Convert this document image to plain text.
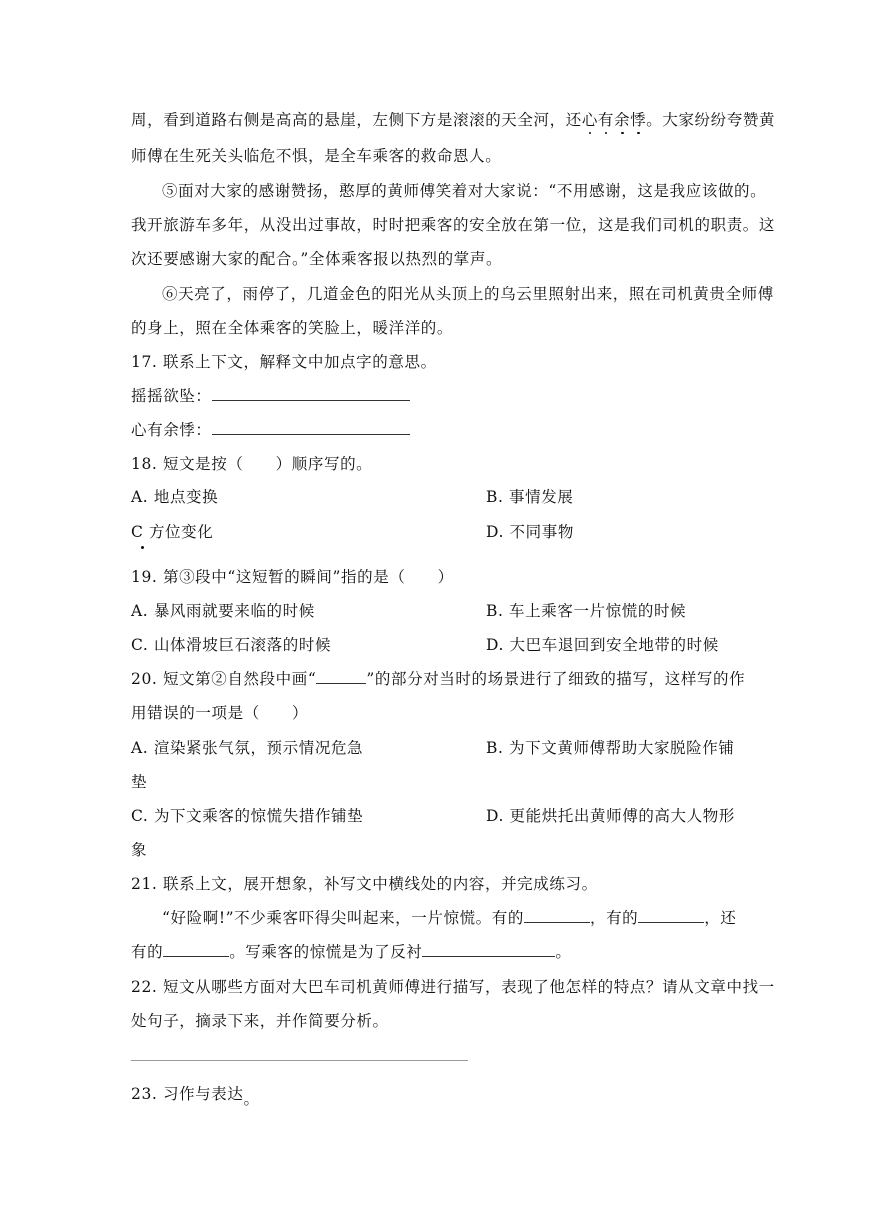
周，看到道路右侧是高高的悬崖，左侧下方是滚滚的天全河，还心有余悸。大家纷纷夸赞黄
师傅在生死关头临危不惧，是全车乘客的救命恩人。
⑤面对大家的感谢赞扬，憨厚的黄师傅笑着对大家说：“不用感谢，这是我应该做的。
我开旅游车多年，从没出过事故，时时把乘客的安全放在第一位，这是我们司机的职责。这
次还要感谢大家的配合。”全体乘客报以热烈的掌声。
⑥天亮了，雨停了，几道金色的阳光从头顶上的乌云里照射出来，照在司机黄贵全师傅
的身上，照在全体乘客的笑脸上，暖洋洋的。
17. 联系上下文，解释文中加点字的意思。
摇摇欲坠：
心有余悸：
18. 短文是按（　　）顺序写的。
A. 地点变换	B. 事情发展
C 方位变化	D. 不同事物
19. 第③段中“这短暂的瞬间”指的是（　　）
A. 暴风雨就要来临的时候	B. 车上乘客一片惊慌的时候
C. 山体滑坡巨石滚落的时候	D. 大巴车退回到安全地带的时候
20. 短文第②自然段中画“	”的部分对当时的场景进行了细致的描写，这样写的作
用错误的一项是（　　）
A. 渲染紧张气氛，预示情况危急	B. 为下文黄师傅帮助大家脱险作铺
垫
C. 为下文乘客的惊慌失措作铺垫	D. 更能烘托出黄师傅的高大人物形
象
21. 联系上文，展开想象，补写文中横线处的内容，并完成练习。
“好险啊!”不少乘客吓得尖叫起来，一片惊慌。有的	，有的	，还
有的	。写乘客的惊慌是为了反衬	。
22. 短文从哪些方面对大巴车司机黄师傅进行描写，表现了他怎样的特点？请从文章中找一
处句子，摘录下来，并作简要分析。
23. 习作与表达。
